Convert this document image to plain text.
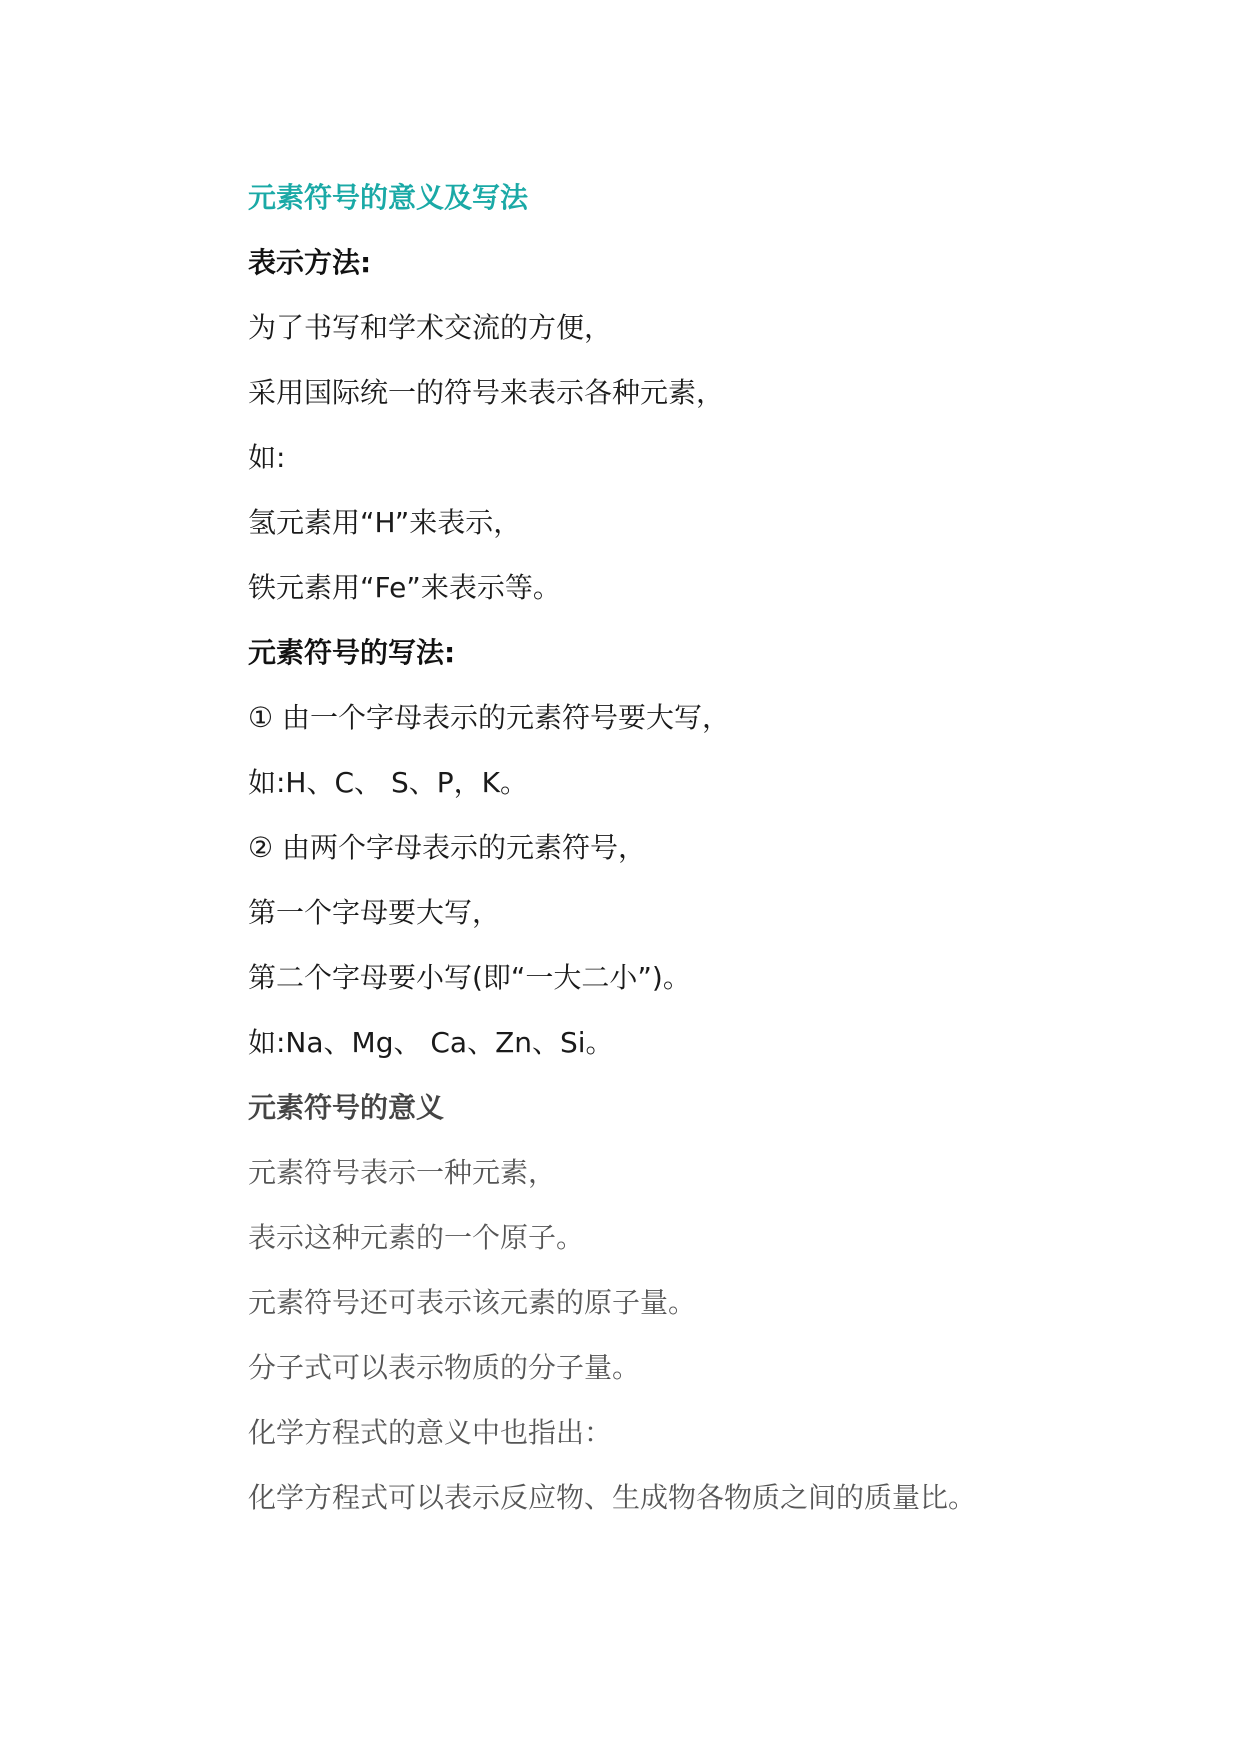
元素符号的意义及写法

表示方法:

为了书写和学术交流的方便，

采用国际统一的符号来表示各种元素，

如:

氢元素用“H”来表示，

铁元素用“Fe”来表示等。

元素符号的写法:

① 由一个字母表示的元素符号要大写，

如:H、C、 S、P，K。

② 由两个字母表示的元素符号，

第一个字母要大写，

第二个字母要小写(即“一大二小”)。

如:Na、Mg、 Ca、Zn、Si。

元素符号的意义

元素符号表示一种元素，

表示这种元素的一个原子。

元素符号还可表示该元素的原子量。

分子式可以表示物质的分子量。

化学方程式的意义中也指出：

化学方程式可以表示反应物、生成物各物质之间的质量比。
